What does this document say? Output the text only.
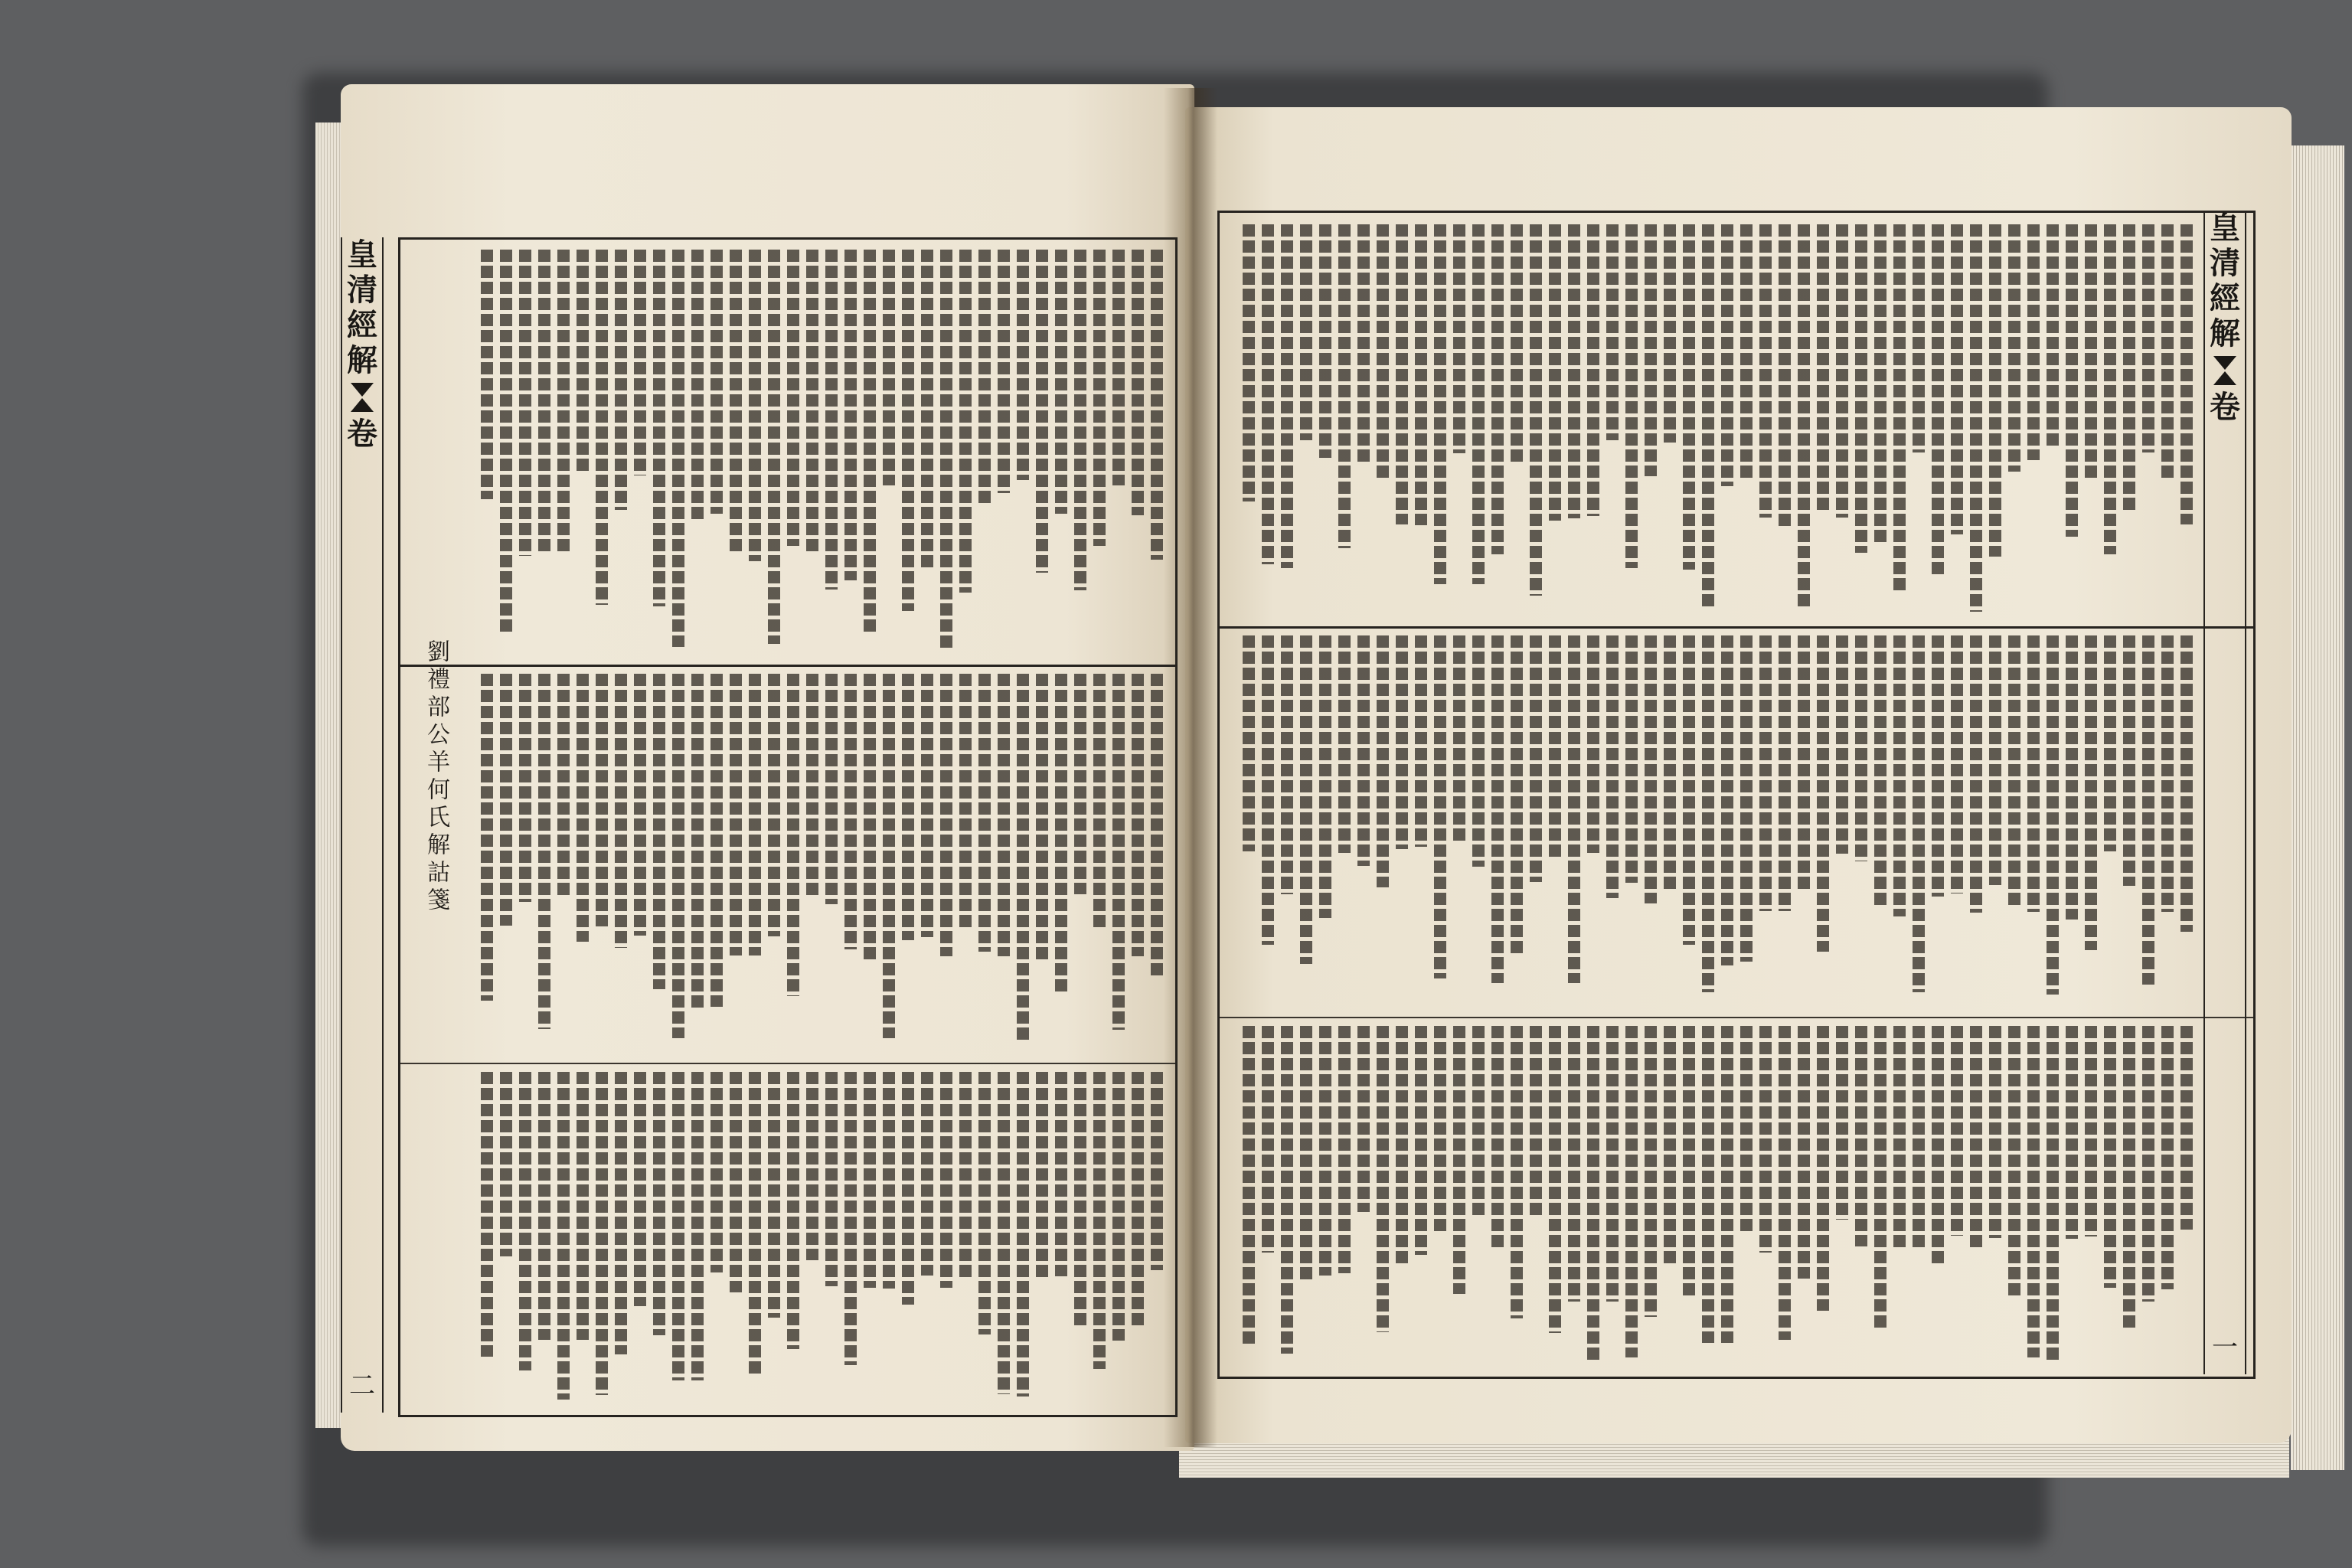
皇
清
經
解
卷
二
皇
清
經
解
卷
一
劉禮部公羊何氏解詁箋
